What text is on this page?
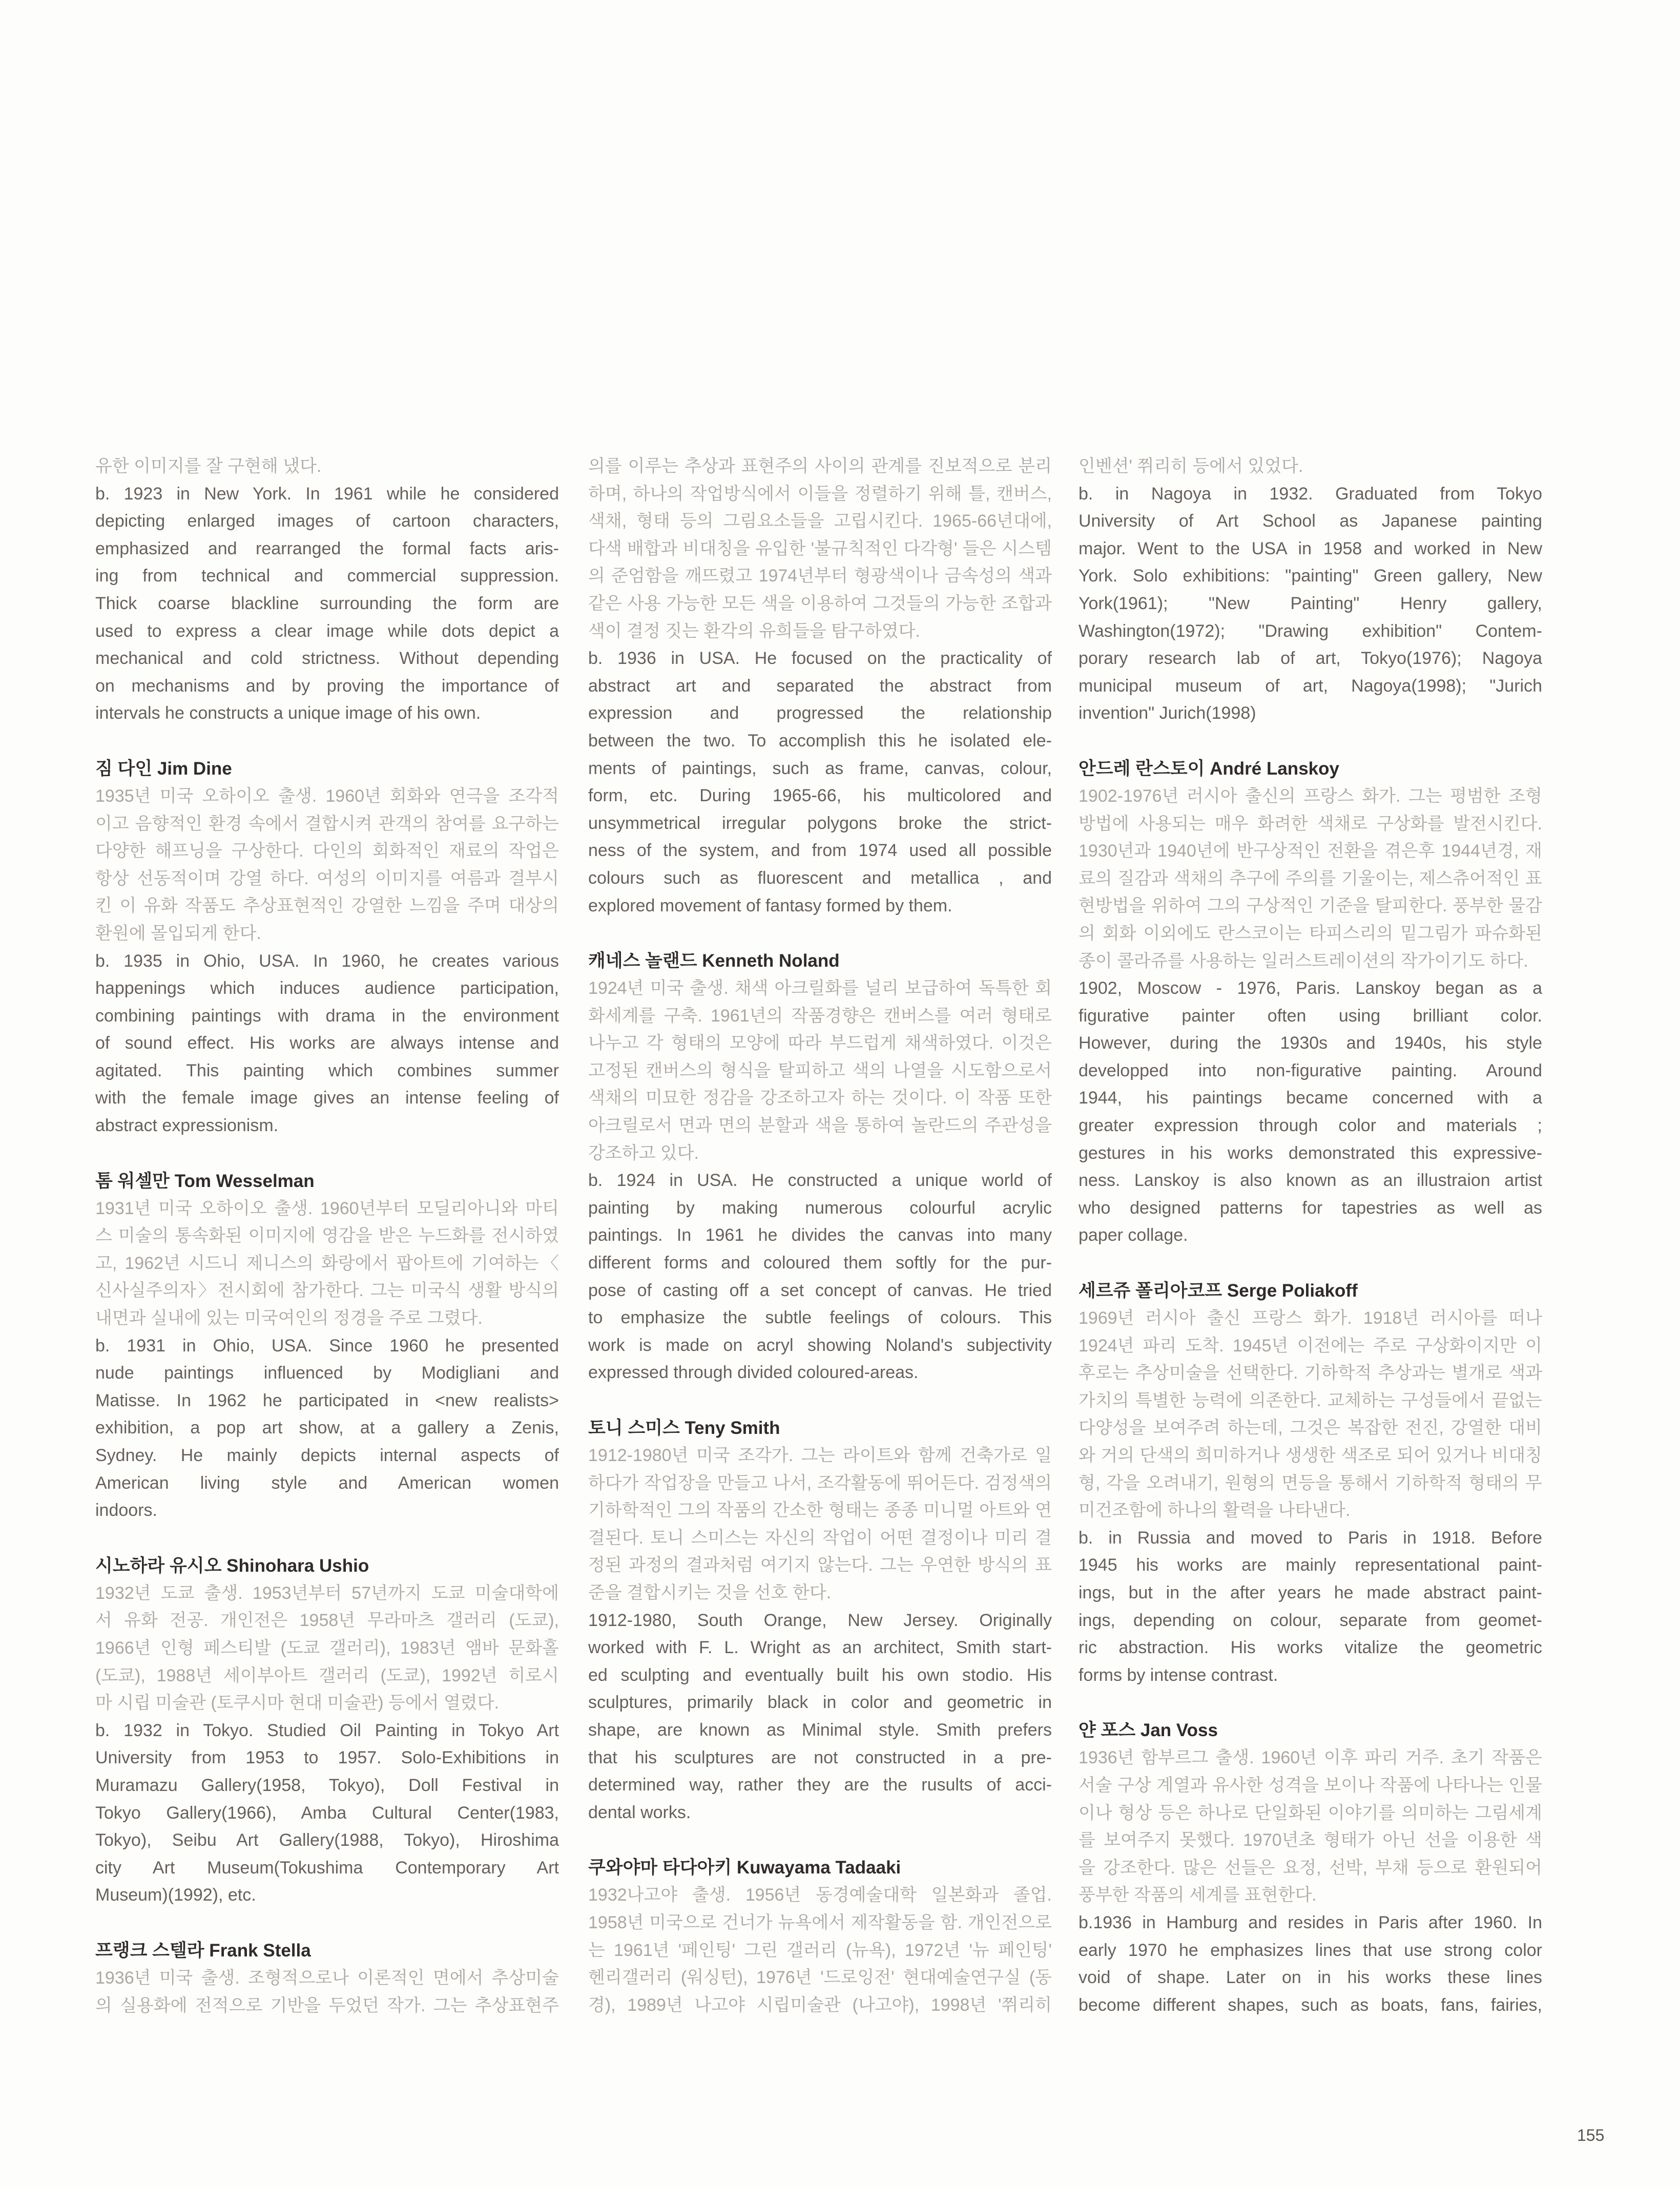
유한 이미지를 잘 구현해 냈다.
b. 1923 in New York. In 1961 while he considered
depicting enlarged images of cartoon characters,
emphasized and rearranged the formal facts aris-
ing from technical and commercial suppression.
Thick coarse blackline surrounding the form are
used to express a clear image while dots depict a
mechanical and cold strictness. Without depending
on mechanisms and by proving the importance of
intervals he constructs a unique image of his own.
짐 다인 Jim Dine
1935년 미국 오하이오 출생. 1960년 회화와 연극을 조각적
이고 음향적인 환경 속에서 결합시켜 관객의 참여를 요구하는
다양한 해프닝을 구상한다. 다인의 회화적인 재료의 작업은
항상 선동적이며 강열 하다. 여성의 이미지를 여름과 결부시
킨 이 유화 작품도 추상표현적인 강열한 느낌을 주며 대상의
환원에 몰입되게 한다.
b. 1935 in Ohio, USA. In 1960, he creates various
happenings which induces audience participation,
combining paintings with drama in the environment
of sound effect. His works are always intense and
agitated. This painting which combines summer
with the female image gives an intense feeling of
abstract expressionism.
톰 워셀만 Tom Wesselman
1931년 미국 오하이오 출생. 1960년부터 모딜리아니와 마티
스 미술의 통속화된 이미지에 영감을 받은 누드화를 전시하였
고, 1962년 시드니 제니스의 화랑에서 팝아트에 기여하는〈
신사실주의자〉전시회에 참가한다. 그는 미국식 생활 방식의
내면과 실내에 있는 미국여인의 정경을 주로 그렸다.
b. 1931 in Ohio, USA. Since 1960 he presented
nude paintings influenced by Modigliani and
Matisse. In 1962 he participated in <new realists>
exhibition, a pop art show, at a gallery a Zenis,
Sydney. He mainly depicts internal aspects of
American living style and American women
indoors.
시노하라 유시오 Shinohara Ushio
1932년 도쿄 출생. 1953년부터 57년까지 도쿄 미술대학에
서 유화 전공. 개인전은 1958년 무라마츠 갤러리 (도쿄),
1966년 인형 페스티발 (도쿄 갤러리), 1983년 앰바 문화홀
(도쿄), 1988년 세이부아트 갤러리 (도쿄), 1992년 히로시
마 시립 미술관 (토쿠시마 현대 미술관) 등에서 열렸다.
b. 1932 in Tokyo. Studied Oil Painting in Tokyo Art
University from 1953 to 1957. Solo-Exhibitions in
Muramazu Gallery(1958, Tokyo), Doll Festival in
Tokyo Gallery(1966), Amba Cultural Center(1983,
Tokyo), Seibu Art Gallery(1988, Tokyo), Hiroshima
city Art Museum(Tokushima Contemporary Art
Museum)(1992), etc.
프랭크 스텔라 Frank Stella
1936년 미국 출생. 조형적으로나 이론적인 면에서 추상미술
의 실용화에 전적으로 기반을 두었던 작가. 그는 추상표현주
의를 이루는 추상과 표현주의 사이의 관계를 진보적으로 분리
하며, 하나의 작업방식에서 이들을 정렬하기 위해 틀, 캔버스,
색채, 형태 등의 그림요소들을 고립시킨다. 1965-66년대에,
다색 배합과 비대칭을 유입한 '불규칙적인 다각형' 들은 시스템
의 준엄함을 깨뜨렸고 1974년부터 형광색이나 금속성의 색과
같은 사용 가능한 모든 색을 이용하여 그것들의 가능한 조합과
색이 결정 짓는 환각의 유희들을 탐구하였다.
b. 1936 in USA. He focused on the practicality of
abstract art and separated the abstract from
expression and progressed the relationship
between the two. To accomplish this he isolated ele-
ments of paintings, such as frame, canvas, colour,
form, etc. During 1965-66, his multicolored and
unsymmetrical irregular polygons broke the strict-
ness of the system, and from 1974 used all possible
colours such as fluorescent and metallica , and
explored movement of fantasy formed by them.
캐네스 놀랜드 Kenneth Noland
1924년 미국 출생. 채색 아크릴화를 널리 보급하여 독특한 회
화세계를 구축. 1961년의 작품경향은 캔버스를 여러 형태로
나누고 각 형태의 모양에 따라 부드럽게 채색하였다. 이것은
고정된 캔버스의 형식을 탈피하고 색의 나열을 시도함으로서
색채의 미묘한 정감을 강조하고자 하는 것이다. 이 작품 또한
아크릴로서 면과 면의 분할과 색을 통하여 놀란드의 주관성을
강조하고 있다.
b. 1924 in USA. He constructed a unique world of
painting by making numerous colourful acrylic
paintings. In 1961 he divides the canvas into many
different forms and coloured them softly for the pur-
pose of casting off a set concept of canvas. He tried
to emphasize the subtle feelings of colours. This
work is made on acryl showing Noland's subjectivity
expressed through divided coloured-areas.
토니 스미스 Teny Smith
1912-1980년 미국 조각가. 그는 라이트와 함께 건축가로 일
하다가 작업장을 만들고 나서, 조각활동에 뛰어든다. 검정색의
기하학적인 그의 작품의 간소한 형태는 종종 미니멀 아트와 연
결된다. 토니 스미스는 자신의 작업이 어떤 결정이나 미리 결
정된 과정의 결과처럼 여기지 않는다. 그는 우연한 방식의 표
준을 결합시키는 것을 선호 한다.
1912-1980, South Orange, New Jersey. Originally
worked with F. L. Wright as an architect, Smith start-
ed sculpting and eventually built his own stodio. His
sculptures, primarily black in color and geometric in
shape, are known as Minimal style. Smith prefers
that his sculptures are not constructed in a pre-
determined way, rather they are the rusults of acci-
dental works.
쿠와야마 타다아키 Kuwayama Tadaaki
1932나고야 출생. 1956년 동경예술대학 일본화과 졸업.
1958년 미국으로 건너가 뉴욕에서 제작활동을 함. 개인전으로
는 1961년 '페인팅' 그린 갤러리 (뉴욕), 1972년 '뉴 페인팅'
헨리갤러리 (워싱턴), 1976년 '드로잉전' 현대예술연구실 (동
경), 1989년 나고야 시립미술관 (나고야), 1998년 '쮜리히
인벤션' 쮜리히 등에서 있었다.
b. in Nagoya in 1932. Graduated from Tokyo
University of Art School as Japanese painting
major. Went to the USA in 1958 and worked in New
York. Solo exhibitions: "painting" Green gallery, New
York(1961); "New Painting" Henry gallery,
Washington(1972); "Drawing exhibition" Contem-
porary research lab of art, Tokyo(1976); Nagoya
municipal museum of art, Nagoya(1998); "Jurich
invention" Jurich(1998)
안드레 란스토이 André Lanskoy
1902-1976년 러시아 출신의 프랑스 화가. 그는 평범한 조형
방법에 사용되는 매우 화려한 색채로 구상화를 발전시킨다.
1930년과 1940년에 반구상적인 전환을 겪은후 1944년경, 재
료의 질감과 색채의 추구에 주의를 기울이는, 제스츄어적인 표
현방법을 위하여 그의 구상적인 기준을 탈피한다. 풍부한 물감
의 회화 이외에도 란스코이는 타피스리의 밑그림가 파슈화된
종이 콜라쥬를 사용하는 일러스트레이션의 작가이기도 하다.
1902, Moscow - 1976, Paris. Lanskoy began as a
figurative painter often using brilliant color.
However, during the 1930s and 1940s, his style
developped into non-figurative painting. Around
1944, his paintings became concerned with a
greater expression through color and materials ;
gestures in his works demonstrated this expressive-
ness. Lanskoy is also known as an illustraion artist
who designed patterns for tapestries as well as
paper collage.
세르쥬 폴리아코프 Serge Poliakoff
1969년 러시아 출신 프랑스 화가. 1918년 러시아를 떠나
1924년 파리 도착. 1945년 이전에는 주로 구상화이지만 이
후로는 추상미술을 선택한다. 기하학적 추상과는 별개로 색과
가치의 특별한 능력에 의존한다. 교체하는 구성들에서 끝없는
다양성을 보여주려 하는데, 그것은 복잡한 전진, 강열한 대비
와 거의 단색의 희미하거나 생생한 색조로 되어 있거나 비대칭
형, 각을 오려내기, 원형의 면등을 통해서 기하학적 형태의 무
미건조함에 하나의 활력을 나타낸다.
b. in Russia and moved to Paris in 1918. Before
1945 his works are mainly representational paint-
ings, but in the after years he made abstract paint-
ings, depending on colour, separate from geomet-
ric abstraction. His works vitalize the geometric
forms by intense contrast.
얀 포스 Jan Voss
1936년 함부르그 출생. 1960년 이후 파리 거주. 초기 작품은
서술 구상 계열과 유사한 성격을 보이나 작품에 나타나는 인물
이나 형상 등은 하나로 단일화된 이야기를 의미하는 그림세계
를 보여주지 못했다. 1970년초 형태가 아닌 선을 이용한 색
을 강조한다. 많은 선들은 요정, 선박, 부채 등으로 환원되어
풍부한 작품의 세계를 표현한다.
b.1936 in Hamburg and resides in Paris after 1960. In
early 1970 he emphasizes lines that use strong color
void of shape. Later on in his works these lines
become different shapes, such as boats, fans, fairies,
155
